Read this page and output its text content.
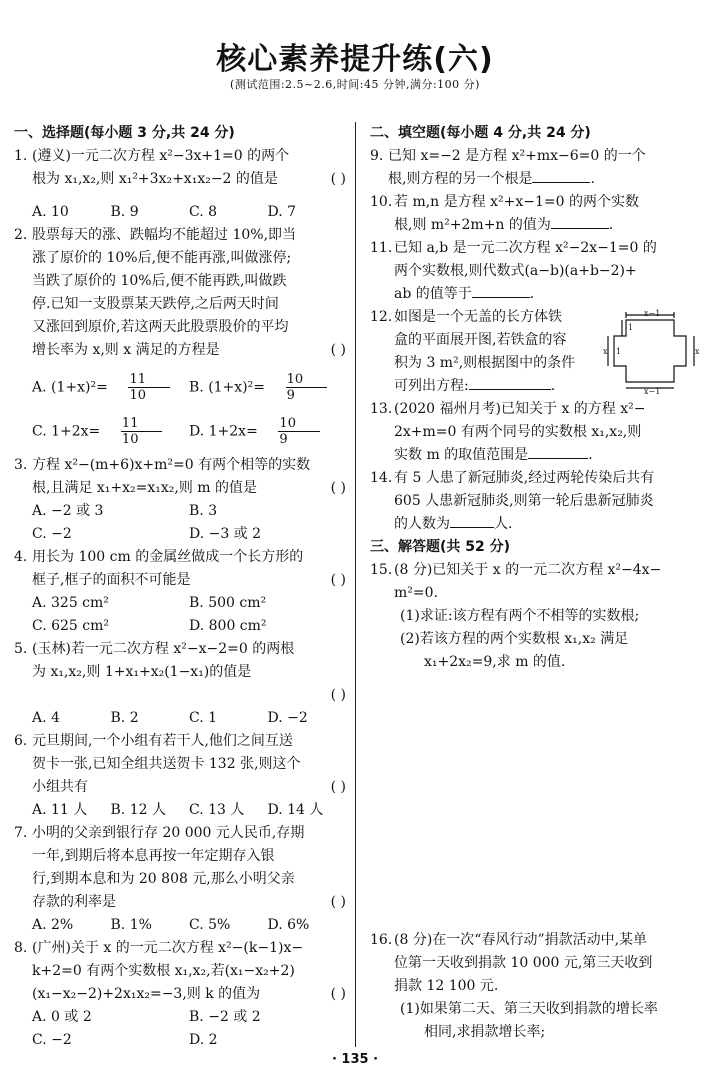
核心素养提升练(六)
(测试范围:2.5~2.6,时间:45 分钟,满分:100 分)
一、选择题(每小题 3 分,共 24 分)
1. (遵义)一元二次方程 x²−3x+1=0 的两个
根为 x₁,x₂,则 x₁²+3x₂+x₁x₂−2 的值是	( )
A. 10	B. 9	C. 8	D. 7
2. 股票每天的涨、跌幅均不能超过 10%,即当
涨了原价的 10%后,便不能再涨,叫做涨停;
当跌了原价的 10%后,便不能再跌,叫做跌
停.已知一支股票某天跌停,之后两天时间
又涨回到原价,若这两天此股票股价的平均
增长率为 x,则 x 满足的方程是	( )
A. $(1+x)^2= \frac{11}{10} B$. $(1+x)^2= \frac{10}{9}$
C. $1+2x= \frac{11}{10} D$. $1+2x= \frac{10}{9}$
3. 方程 x²−(m+6)x+m²=0 有两个相等的实数
根,且满足 x₁+x₂=x₁x₂,则 m 的值是	( )
A. −2 或 3	B. 3
C. −2	D. −3 或 2
4. 用长为 100 cm 的金属丝做成一个长方形的
框子,框子的面积不可能是	( )
A. 325 cm²	B. 500 cm²
C. 625 cm²	D. 800 cm²
5. (玉林)若一元二次方程 x²−x−2=0 的两根
为 x₁,x₂,则 1+x₁+x₂(1−x₁)的值是

( )
A. 4	B. 2	C. 1	D. −2
6. 元旦期间,一个小组有若干人,他们之间互送
贺卡一张,已知全组共送贺卡 132 张,则这个
小组共有	( )
A. 11 人	B. 12 人	C. 13 人	D. 14 人
7. 小明的父亲到银行存 20 000 元人民币,存期
一年,到期后将本息再按一年定期存入银
行,到期本息和为 20 808 元,那么小明父亲
存款的利率是	( )
A. 2%	B. 1%	C. 5%	D. 6%
8. (广州)关于 x 的一元二次方程 x²−(k−1)x−
k+2=0 有两个实数根 x₁,x₂,若(x₁−x₂+2)
(x₁−x₂−2)+2x₁x₂=−3,则 k 的值为	( )
A. 0 或 2	B. −2 或 2
C. −2	D. 2
二、填空题(每小题 4 分,共 24 分)
9. 已知 x=−2 是方程 x²+mx−6=0 的一个
根,则方程的另一个根是	.
10. 若 m,n 是方程 x²+x−1=0 的两个实数
根,则 m²+2m+n 的值为	.
11. 已知 a,b 是一元二次方程 x²−2x−1=0 的
两个实数根,则代数式(a−b)(a+b−2)+
ab 的值等于	.
12. 如图是一个无盖的长方体铁
盒的平面展开图,若铁盒的容
积为 3 m²,则根据图中的条件
可列出方程:	.
x−1
x−1
1
x	x
1
13. (2020 福州月考)已知关于 x 的方程 x²−
2x+m=0 有两个同号的实数根 x₁,x₂,则
实数 m 的取值范围是	.
14. 有 5 人患了新冠肺炎,经过两轮传染后共有
605 人患新冠肺炎,则第一轮后患新冠肺炎
的人数为	人.
三、解答题(共 52 分)
15. (8 分)已知关于 x 的一元二次方程 x²−4x−
m²=0.
(1)求证:该方程有两个不相等的实数根;
(2)若该方程的两个实数根 x₁,x₂ 满足
x₁+2x₂=9,求 m 的值.
16. (8 分)在一次“春风行动”捐款活动中,某单
位第一天收到捐款 10 000 元,第三天收到
捐款 12 100 元.
(1)如果第二天、第三天收到捐款的增长率
相同,求捐款增长率;
· 135 ·
